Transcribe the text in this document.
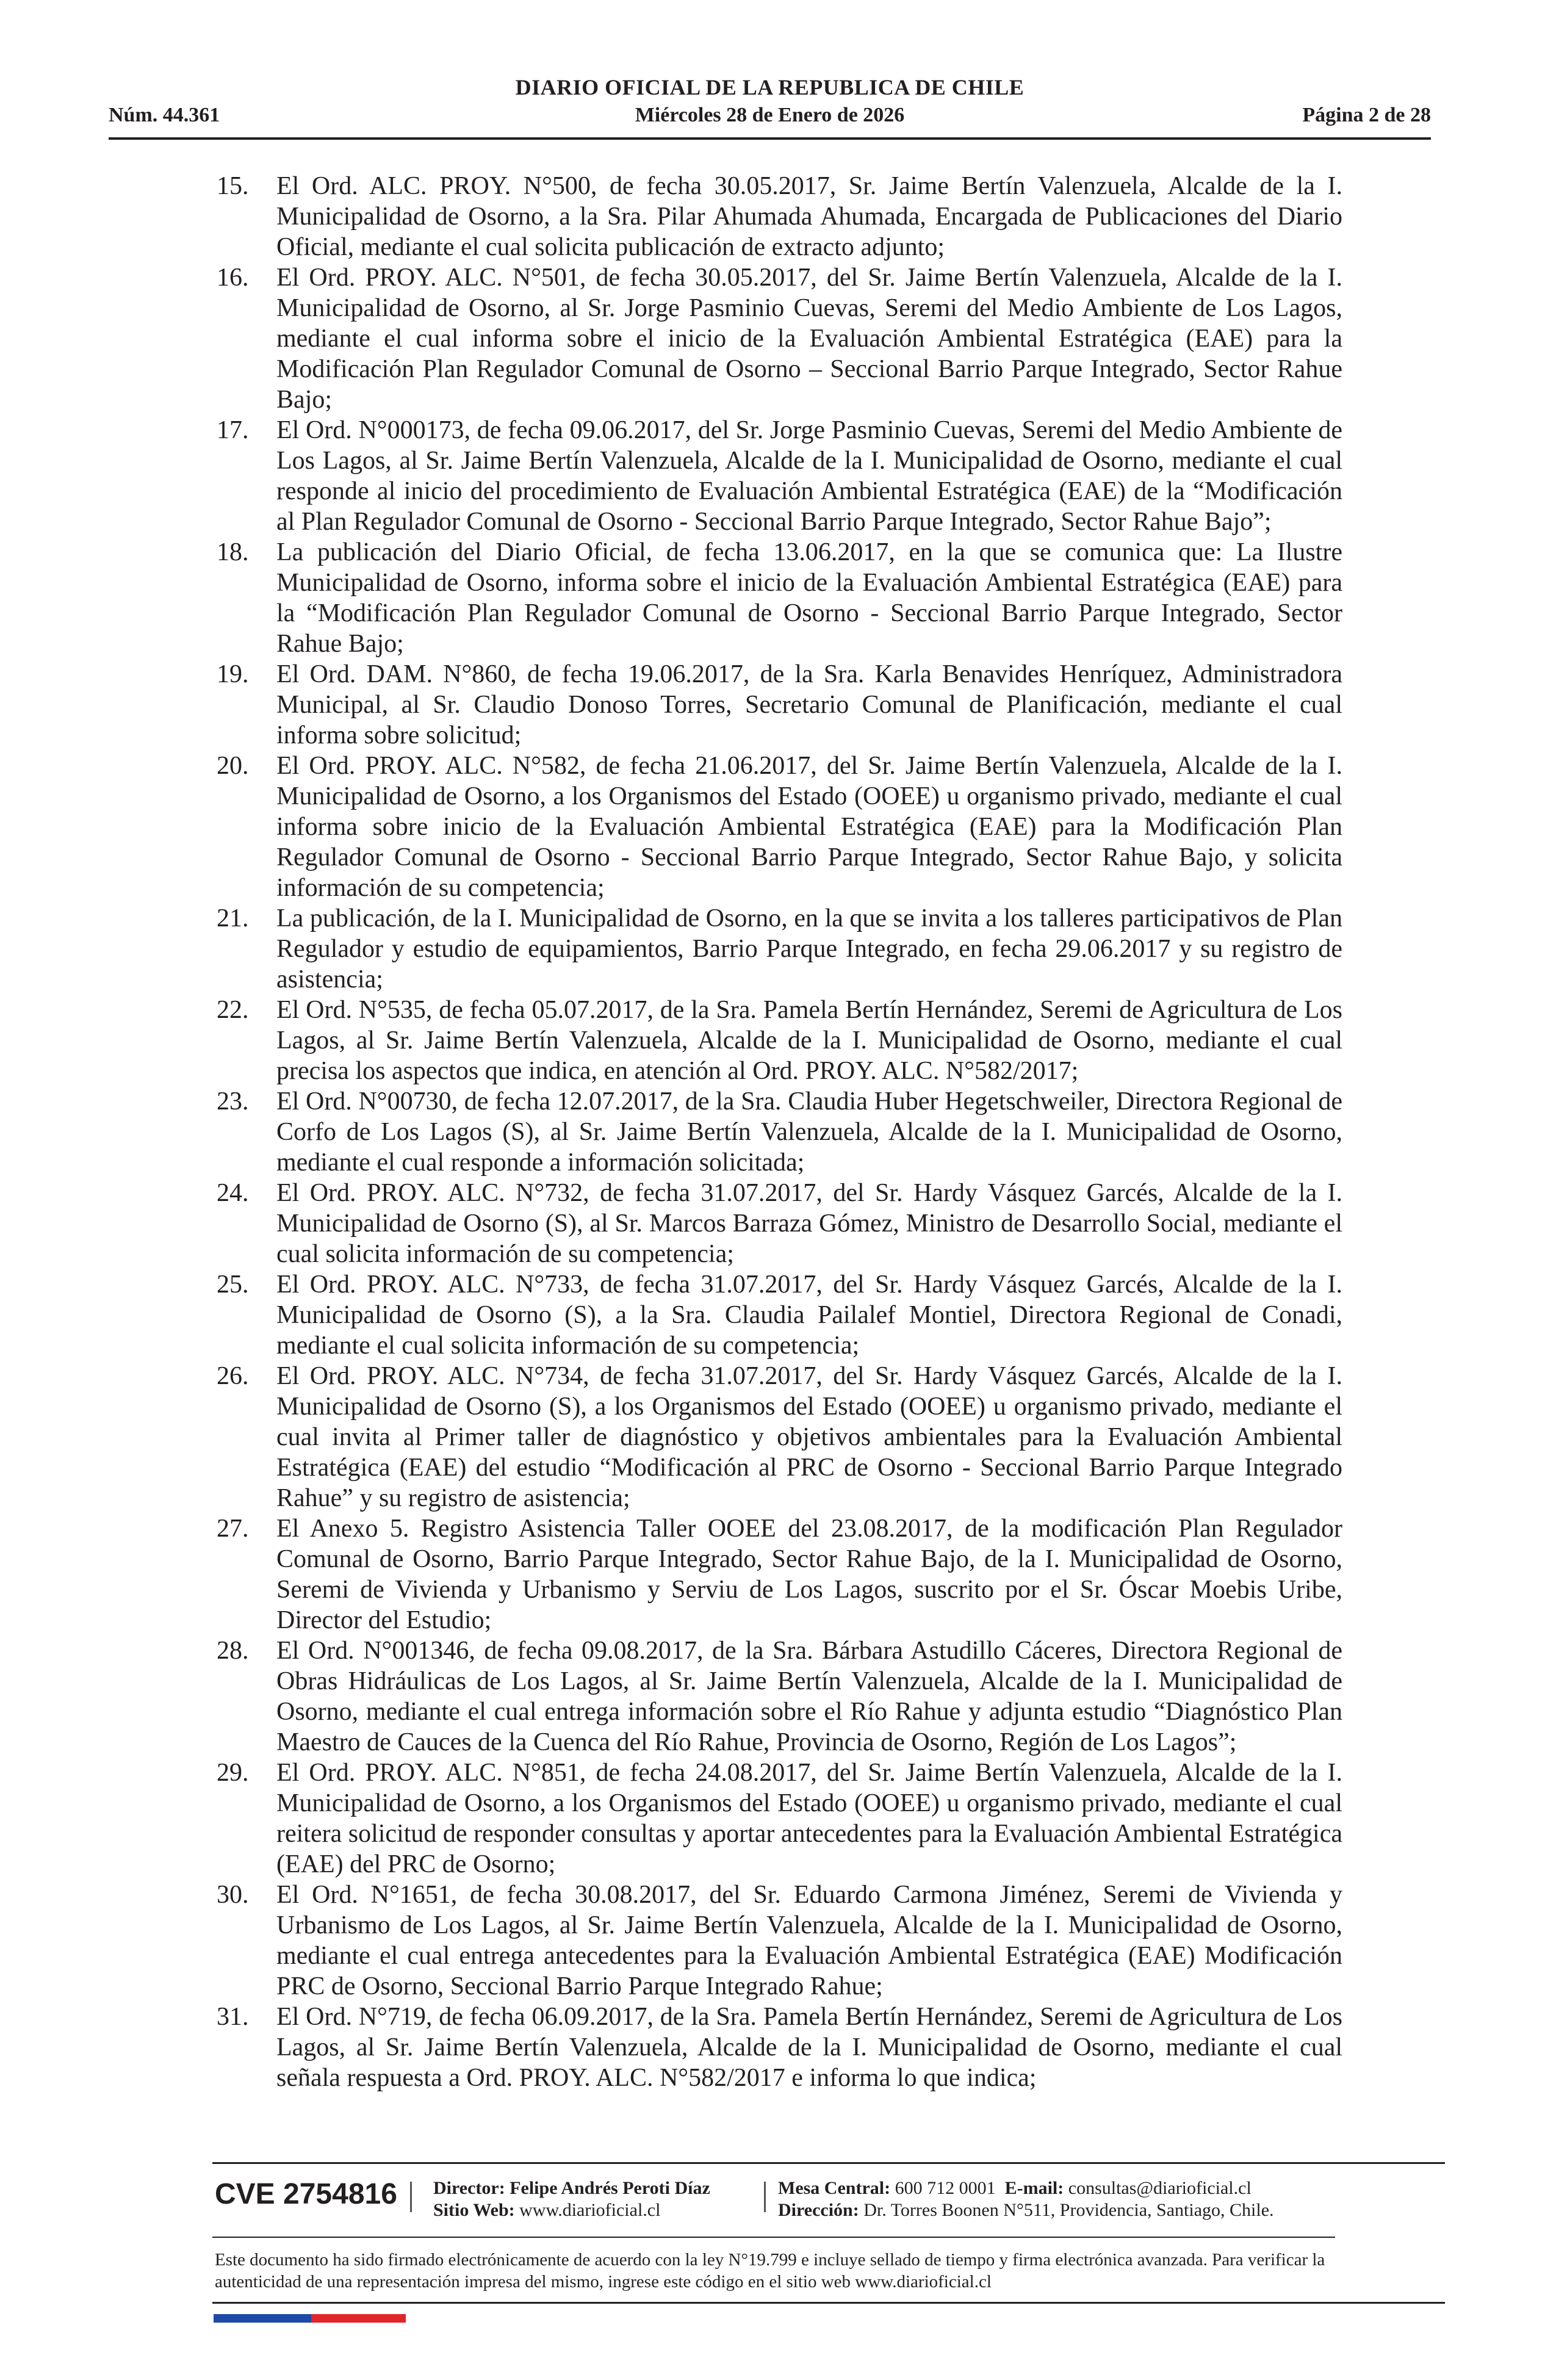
Núm. 44.361
DIARIO OFICIAL DE LA REPUBLICA DE CHILE
Miércoles 28 de Enero de 2026	Página 2 de 28
15. El Ord. ALC. PROY. N°500, de fecha 30.05.2017, Sr. Jaime Bertín Valenzuela, Alcalde de la I. Municipalidad de Osorno, a la Sra. Pilar Ahumada Ahumada, Encargada de Publicaciones del Diario Oficial, mediante el cual solicita publicación de extracto adjunto;
16. El Ord. PROY. ALC. N°501, de fecha 30.05.2017, del Sr. Jaime Bertín Valenzuela, Alcalde de la I. Municipalidad de Osorno, al Sr. Jorge Pasminio Cuevas, Seremi del Medio Ambiente de Los Lagos, mediante el cual informa sobre el inicio de la Evaluación Ambiental Estratégica (EAE) para la Modificación Plan Regulador Comunal de Osorno – Seccional Barrio Parque Integrado, Sector Rahue Bajo;
17. El Ord. N°000173, de fecha 09.06.2017, del Sr. Jorge Pasminio Cuevas, Seremi del Medio Ambiente de Los Lagos, al Sr. Jaime Bertín Valenzuela, Alcalde de la I. Municipalidad de Osorno, mediante el cual responde al inicio del procedimiento de Evaluación Ambiental Estratégica (EAE) de la “Modificación al Plan Regulador Comunal de Osorno - Seccional Barrio Parque Integrado, Sector Rahue Bajo”;
18. La publicación del Diario Oficial, de fecha 13.06.2017, en la que se comunica que: La Ilustre Municipalidad de Osorno, informa sobre el inicio de la Evaluación Ambiental Estratégica (EAE) para la “Modificación Plan Regulador Comunal de Osorno - Seccional Barrio Parque Integrado, Sector Rahue Bajo;
19. El Ord. DAM. N°860, de fecha 19.06.2017, de la Sra. Karla Benavides Henríquez, Administradora Municipal, al Sr. Claudio Donoso Torres, Secretario Comunal de Planificación, mediante el cual informa sobre solicitud;
20. El Ord. PROY. ALC. N°582, de fecha 21.06.2017, del Sr. Jaime Bertín Valenzuela, Alcalde de la I. Municipalidad de Osorno, a los Organismos del Estado (OOEE) u organismo privado, mediante el cual informa sobre inicio de la Evaluación Ambiental Estratégica (EAE) para la Modificación Plan Regulador Comunal de Osorno - Seccional Barrio Parque Integrado, Sector Rahue Bajo, y solicita información de su competencia;
21. La publicación, de la I. Municipalidad de Osorno, en la que se invita a los talleres participativos de Plan Regulador y estudio de equipamientos, Barrio Parque Integrado, en fecha 29.06.2017 y su registro de asistencia;
22. El Ord. N°535, de fecha 05.07.2017, de la Sra. Pamela Bertín Hernández, Seremi de Agricultura de Los Lagos, al Sr. Jaime Bertín Valenzuela, Alcalde de la I. Municipalidad de Osorno, mediante el cual precisa los aspectos que indica, en atención al Ord. PROY. ALC. N°582/2017;
23. El Ord. N°00730, de fecha 12.07.2017, de la Sra. Claudia Huber Hegetschweiler, Directora Regional de Corfo de Los Lagos (S), al Sr. Jaime Bertín Valenzuela, Alcalde de la I. Municipalidad de Osorno, mediante el cual responde a información solicitada;
24. El Ord. PROY. ALC. N°732, de fecha 31.07.2017, del Sr. Hardy Vásquez Garcés, Alcalde de la I. Municipalidad de Osorno (S), al Sr. Marcos Barraza Gómez, Ministro de Desarrollo Social, mediante el cual solicita información de su competencia;
25. El Ord. PROY. ALC. N°733, de fecha 31.07.2017, del Sr. Hardy Vásquez Garcés, Alcalde de la I. Municipalidad de Osorno (S), a la Sra. Claudia Pailalef Montiel, Directora Regional de Conadi, mediante el cual solicita información de su competencia;
26. El Ord. PROY. ALC. N°734, de fecha 31.07.2017, del Sr. Hardy Vásquez Garcés, Alcalde de la I. Municipalidad de Osorno (S), a los Organismos del Estado (OOEE) u organismo privado, mediante el cual invita al Primer taller de diagnóstico y objetivos ambientales para la Evaluación Ambiental Estratégica (EAE) del estudio “Modificación al PRC de Osorno - Seccional Barrio Parque Integrado Rahue” y su registro de asistencia;
27. El Anexo 5. Registro Asistencia Taller OOEE del 23.08.2017, de la modificación Plan Regulador Comunal de Osorno, Barrio Parque Integrado, Sector Rahue Bajo, de la I. Municipalidad de Osorno, Seremi de Vivienda y Urbanismo y Serviu de Los Lagos, suscrito por el Sr. Óscar Moebis Uribe, Director del Estudio;
28. El Ord. N°001346, de fecha 09.08.2017, de la Sra. Bárbara Astudillo Cáceres, Directora Regional de Obras Hidráulicas de Los Lagos, al Sr. Jaime Bertín Valenzuela, Alcalde de la I. Municipalidad de Osorno, mediante el cual entrega información sobre el Río Rahue y adjunta estudio “Diagnóstico Plan Maestro de Cauces de la Cuenca del Río Rahue, Provincia de Osorno, Región de Los Lagos”;
29. El Ord. PROY. ALC. N°851, de fecha 24.08.2017, del Sr. Jaime Bertín Valenzuela, Alcalde de la I. Municipalidad de Osorno, a los Organismos del Estado (OOEE) u organismo privado, mediante el cual reitera solicitud de responder consultas y aportar antecedentes para la Evaluación Ambiental Estratégica (EAE) del PRC de Osorno;
30. El Ord. N°1651, de fecha 30.08.2017, del Sr. Eduardo Carmona Jiménez, Seremi de Vivienda y Urbanismo de Los Lagos, al Sr. Jaime Bertín Valenzuela, Alcalde de la I. Municipalidad de Osorno, mediante el cual entrega antecedentes para la Evaluación Ambiental Estratégica (EAE) Modificación PRC de Osorno, Seccional Barrio Parque Integrado Rahue;
31. El Ord. N°719, de fecha 06.09.2017, de la Sra. Pamela Bertín Hernández, Seremi de Agricultura de Los Lagos, al Sr. Jaime Bertín Valenzuela, Alcalde de la I. Municipalidad de Osorno, mediante el cual señala respuesta a Ord. PROY. ALC. N°582/2017 e informa lo que indica;
CVE 2754816 Director: Felipe Andrés Peroti Díaz
Sitio Web: www.diarioficial.cl
Mesa Central: 600 712 0001 E-mail: consultas@diarioficial.cl
Dirección: Dr. Torres Boonen N°511, Providencia, Santiago, Chile.
Este documento ha sido firmado electrónicamente de acuerdo con la ley N°19.799 e incluye sellado de tiempo y firma electrónica avanzada. Para verificar la autenticidad de una representación impresa del mismo, ingrese este código en el sitio web www.diarioficial.cl
